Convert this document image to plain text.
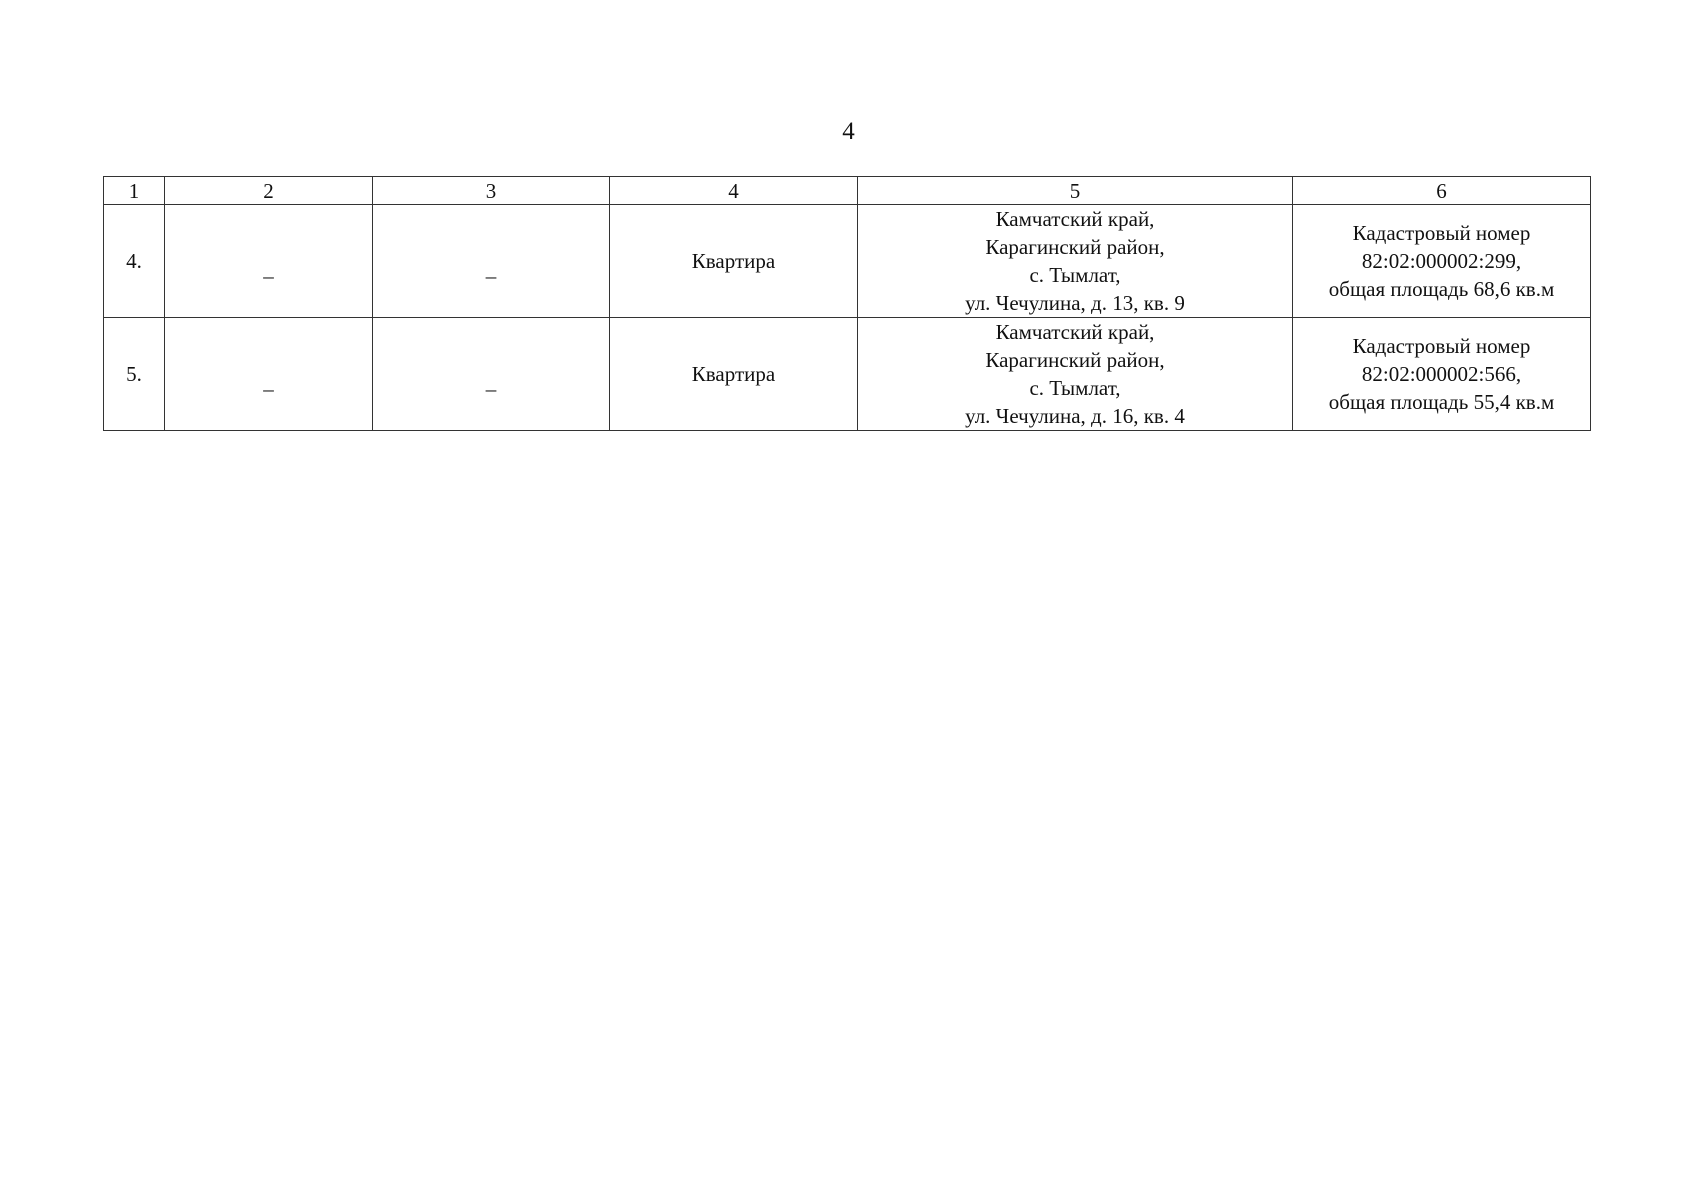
4
1	2	3	4	5	6
4.	_	_	Квартира	Камчатский край,
Карагинский район,
с. Тымлат,
ул. Чечулина, д. 13, кв. 9	Кадастровый номер
82:02:000002:299,
общая площадь 68,6 кв.м

5.	_	_	Квартира	Камчатский край,
Карагинский район,
с. Тымлат,
ул. Чечулина, д. 16, кв. 4	Кадастровый номер
82:02:000002:566,
общая площадь 55,4 кв.м
